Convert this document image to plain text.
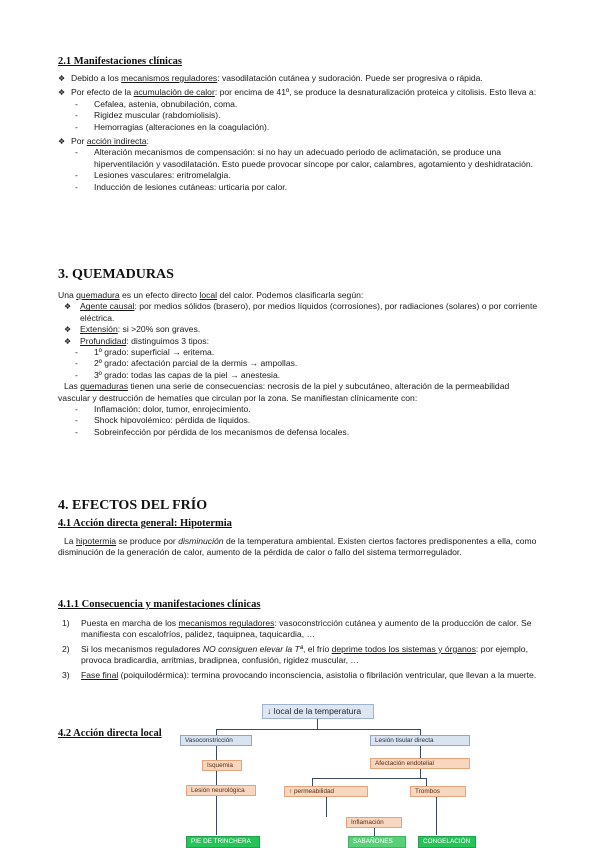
2.1 Manifestaciones clínicas
❖ Debido a los mecanismos reguladores: vasodilatación cutánea y sudoración. Puede ser progresiva o rápida.
❖ Por efecto de la acumulación de calor: por encima de 41º, se produce la desnaturalización proteica y citolisis. Esto lleva a:
- Cefalea, astenia, obnubilación, coma.
- Rigidez muscular (rabdomiolisis).
- Hemorragias (alteraciones en la coagulación).
❖ Por acción indirecta:
- Alteración mecanismos de compensación: si no hay un adecuado periodo de aclimatación, se produce una hiperventilación y vasodilatación. Esto puede provocar síncope por calor, calambres, agotamiento y deshidratación.
- Lesiones vasculares: eritromelalgia.
- Inducción de lesiones cutáneas: urticaria por calor.
3. QUEMADURAS
Una quemadura es un efecto directo local del calor. Podemos clasificarla según:
❖ Agente causal: por medios sólidos (brasero), por medios líquidos (corrosiones), por radiaciones (solares) o por corriente eléctrica.
❖ Extensión: si >20% son graves.
❖ Profundidad: distinguimos 3 tipos:
- 1º grado: superficial → eritema.
- 2º grado: afectación parcial de la dermis → ampollas.
- 3º grado: todas las capas de la piel → anestesia.
Las quemaduras tienen una serie de consecuencias: necrosis de la piel y subcutáneo, alteración de la permeabilidad vascular y destrucción de hematíes que circulan por la zona. Se manifiestan clínicamente con:
- Inflamación: dolor, tumor, enrojecimiento.
- Shock hipovolémico: pérdida de líquidos.
- Sobreinfección por pérdida de los mecanismos de defensa locales.
4. EFECTOS DEL FRÍO
4.1 Acción directa general: Hipotermia
La hipotermia se produce por disminución de la temperatura ambiental. Existen ciertos factores predisponentes a ella, como disminución de la generación de calor, aumento de la pérdida de calor o fallo del sistema termorregulador.
4.1.1 Consecuencia y manifestaciones clínicas
1) Puesta en marcha de los mecanismos reguladores: vasoconstricción cutánea y aumento de la producción de calor. Se manifiesta con escalofríos, palidez, taquipnea, taquicardia, …
2) Si los mecanismos reguladores NO consiguen elevar la Tª, el frío deprime todos los sistemas y órganos: por ejemplo, provoca bradicardia, arritmias, bradipnea, confusión, rigidez muscular, …
3) Fase final (poiquilodérmica): termina provocando inconsciencia, asistolia o fibrilación ventricular, que llevan a la muerte.
4.2 Acción directa local
↓ local de la temperatura
Vasoconstricción	Lesión tisular directa
Isquemia	Afectación endotelial
Lesión neurológica	↑ permeabilidad	Trombos
Inflamación
PIE DE TRINCHERA	SABAÑONES	CONGELACIÓN
